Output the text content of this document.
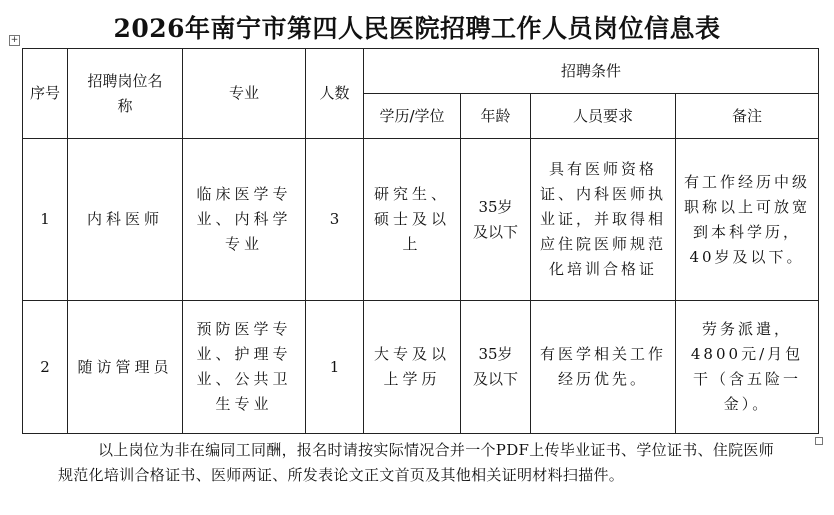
2026年南宁市第四人民医院招聘工作人员岗位信息表
+
序号	招聘岗位名称	专业	人数	招聘条件			
				学历/学位	年龄	人员要求	备注
1	内科医师	临床医学专业、内科学专业	3	研究生、硕士及以上	35岁及以下	具有医师资格证、内科医师执业证，并取得相应住院医师规范化培训合格证	有工作经历中级职称以上可放宽到本科学历，40岁及以下。
2	随访管理员	预防医学专业、护理专业、公共卫生专业	1	大专及以上学历	35岁及以下	有医学相关工作经历优先。	劳务派遣，4800元/月包干（含五险一金）。
以上岗位为非在编同工同酬，报名时请按实际情况合并一个PDF上传毕业证书、学位证书、住院医师规范化培训合格证书、医师两证、所发表论文正文首页及其他相关证明材料扫描件。
